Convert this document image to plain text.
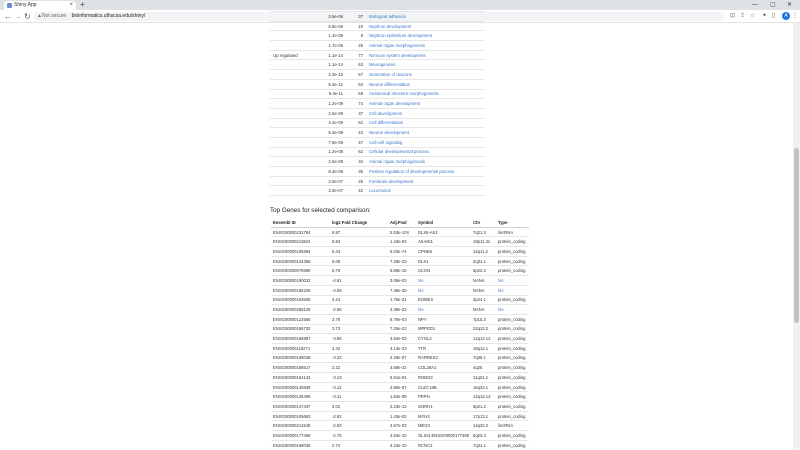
Shiny App	× +	— ▢ ✕
← → ↻ ▲ Not secure bioinformatics.uthscsa.edu/shiny/	⊡ ⇪ ☆ ✦ ▯	⋮
A
	3.9e-06	37	Biological adhesion
	5.8e-06	10	Nephron development
	1.4e-05	9	Nephron epithelium development
	1.7e-05	25	Animal organ morphogenesis
Up regulated	1.1e-14	77	Nervous system development
	1.1e-14	63	Neurogenesis
	2.3e-13	57	Generation of neurons
	5.3e-12	54	Neuron differentiation
	6.3e-11	68	Anatomical structure morphogenesis
	1.2e-09	74	Animal organ development
	2.5e-09	37	Cell development
	4.4e-09	62	Cell differentiation
	5.3e-09	43	Neuron development
	7.9e-09	47	Cell-cell signaling
	1.2e-08	62	Cellular developmental process
	2.5e-08	34	Animal organ morphogenesis
	8.4e-08	35	Positive regulation of developmental process
	2.0e-07	25	Forebrain development
	3.3e-07	42	Locomotion
Top Genes for selected comparison:
Ensembl ID	log2 Fold Change	Adj.Pval	Symbol	Chr	Type
ENSG00000231764	6.97	5.53e-104	DLX6-AS1	7q21.3	lincRNA
ENSG00000211604	6.84	1.43e-93	AKAIN1	18p11.31	protein_coding
ENSG00000105894	6.44	5.03e-74	CPNE6	14q11.2	protein_coding
ENSG00000144355	5.06	7.28e-23	DLX1	2q31.1	protein_coding
ENSG00000079689	5.79	5.69e-15	SCGN	6p22.2	protein_coding
ENSG00000190032	-4.61	3.06e-03	NA	NANA	NA
ENSG00000186226	-4.69	7.39e-25	NA	NANA	NA
ENSG00000163508	4.24	1.75e-21	EOMES	3p24.1	protein_coding
ENSG00000259128	-2.55	3.39e-22	NA	NANA	NA
ENSG00000122585	3.76	8.79e-03	NPY	7p15.3	protein_coding
ENSG00000166732	3.73	7.26e-23	MPPED1	22q13.2	protein_coding
ENSG00000166897	-3.66	3.64e-03	CYGL4	12q13.12	protein_coding
ENSG00000118271	3.42	3.13e-23	TTR	18q12.1	protein_coding
ENSG00000108038	-3.33	2.28e-07	RARRES2	7q36.1	protein_coding
ENSG00000168517	2.22	4.68e-22	COL28A1	4q25	protein_coding
ENSG00000154134	-3.13	6.51e-04	ROBO3	11q24.2	protein_coding
ENSG00000140839	-3.12	4.90e-07	CLEC18B	16q23.1	protein_coding
ENSG00000125406	-3.11	1.63e-08	PRPH	12q13.12	protein_coding
ENSG00000147437	3.02	2.23e-12	GNRH1	8p21.2	protein_coding
ENSG00000105663	-2.92	1.43e-02	MYH3	17p13.1	protein_coding
ENSG00000214548	-2.83	4.57e-03	MEG3	14q32.2	lincRNA
ENSG00000177469	-2.76	3.53e-10	OLIG3.ENSG00000177469	6q23.3	protein_coding
ENSG00000168036	2.74	4.24e-10	RCNC2	7q31.1	protein_coding
